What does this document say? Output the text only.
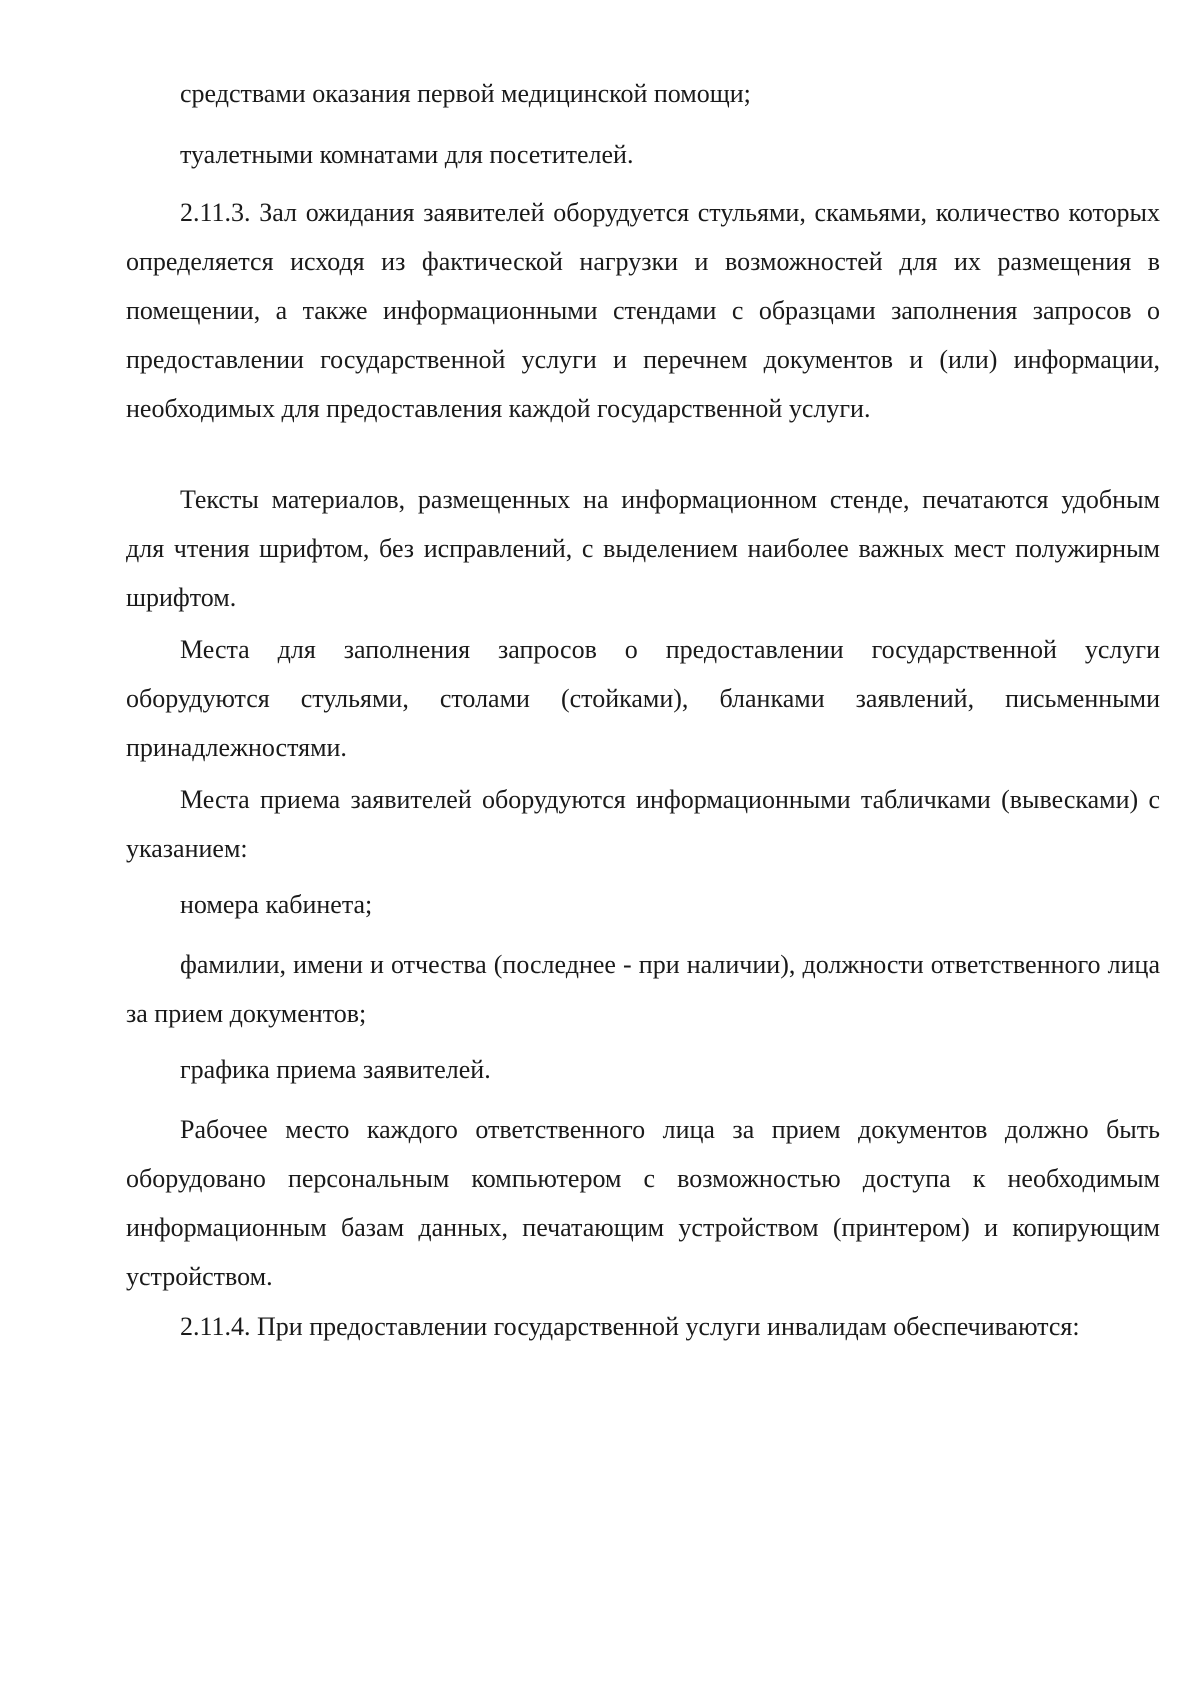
средствами оказания первой медицинской помощи;

туалетными комнатами для посетителей.

2.11.3. Зал ожидания заявителей оборудуется стульями, скамьями, количество которых определяется исходя из фактической нагрузки и возможностей для их размещения в помещении, а также информационными стендами с образцами заполнения запросов о предоставлении государственной услуги и перечнем документов и (или) информации, необходимых для предоставления каждой государственной услуги.

Тексты материалов, размещенных на информационном стенде, печатаются удобным для чтения шрифтом, без исправлений, с выделением наиболее важных мест полужирным шрифтом.

Места для заполнения запросов о предоставлении государственной услуги оборудуются стульями, столами (стойками), бланками заявлений, письменными принадлежностями.

Места приема заявителей оборудуются информационными табличками (вывесками) с указанием:

номера кабинета;

фамилии, имени и отчества (последнее - при наличии), должности ответственного лица за прием документов;

графика приема заявителей.

Рабочее место каждого ответственного лица за прием документов должно быть оборудовано персональным компьютером с возможностью доступа к необходимым информационным базам данных, печатающим устройством (принтером) и копирующим устройством.

2.11.4. При предоставлении государственной услуги инвалидам обеспечиваются:
